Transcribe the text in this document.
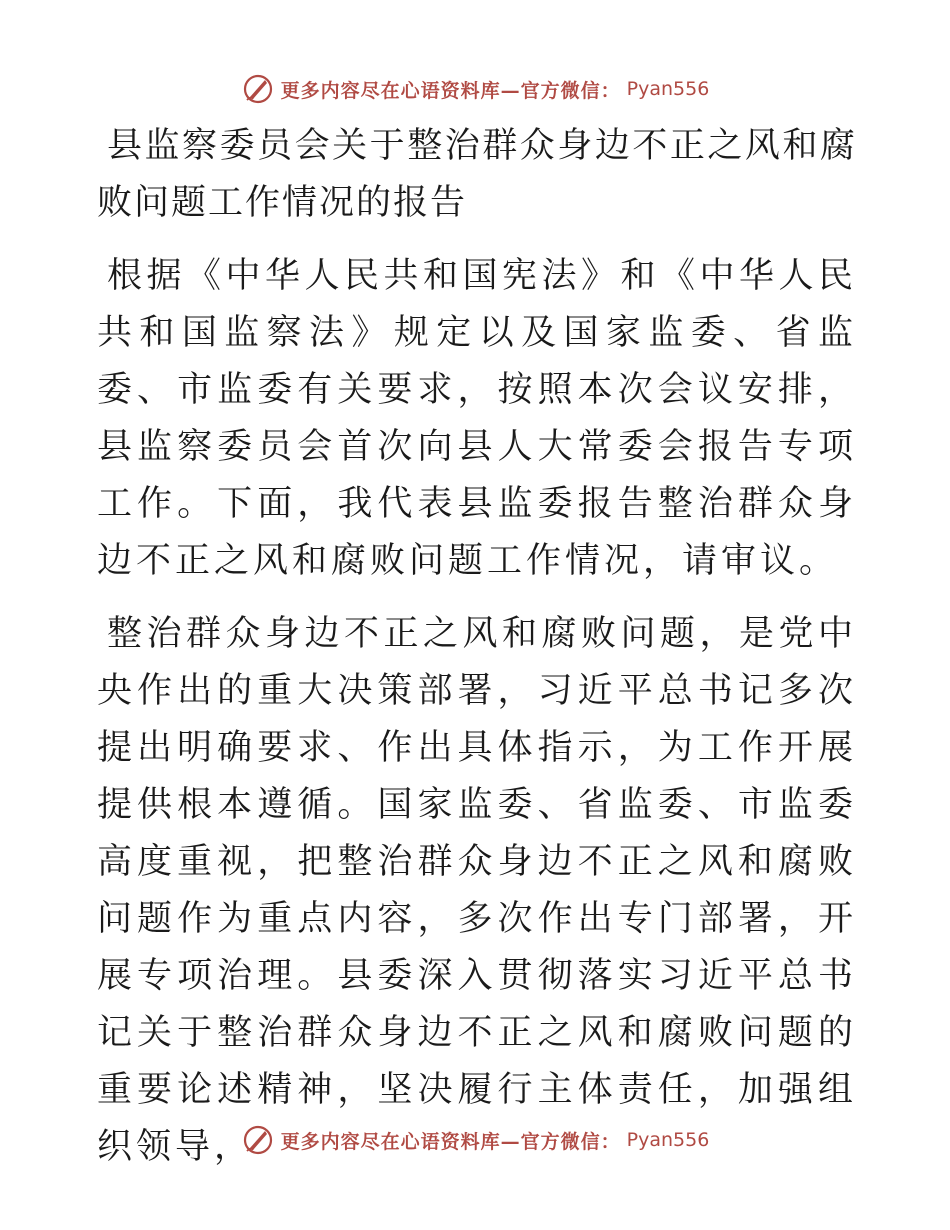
更多内容尽在心语资料库—官方微信： Pyan556

县监察委员会关于整治群众身边不正之风和腐败问题工作情况的报告

根据《中华人民共和国宪法》和《中华人民共和国监察法》规定以及国家监委、省监委、市监委有关要求，按照本次会议安排，县监察委员会首次向县人大常委会报告专项工作。下面，我代表县监委报告整治群众身边不正之风和腐败问题工作情况，请审议。

整治群众身边不正之风和腐败问题，是党中央作出的重大决策部署，习近平总书记多次提出明确要求、作出具体指示，为工作开展提供根本遵循。国家监委、省监委、市监委高度重视，把整治群众身边不正之风和腐败问题作为重点内容，多次作出专门部署，开展专项治理。县委深入贯彻落实习近平总书记关于整治群众身边不正之风和腐败问题的重要论述精神，坚决履行主体责任，加强组织领导，	更多内容尽在心语资料库—官方微信： Pyan556
